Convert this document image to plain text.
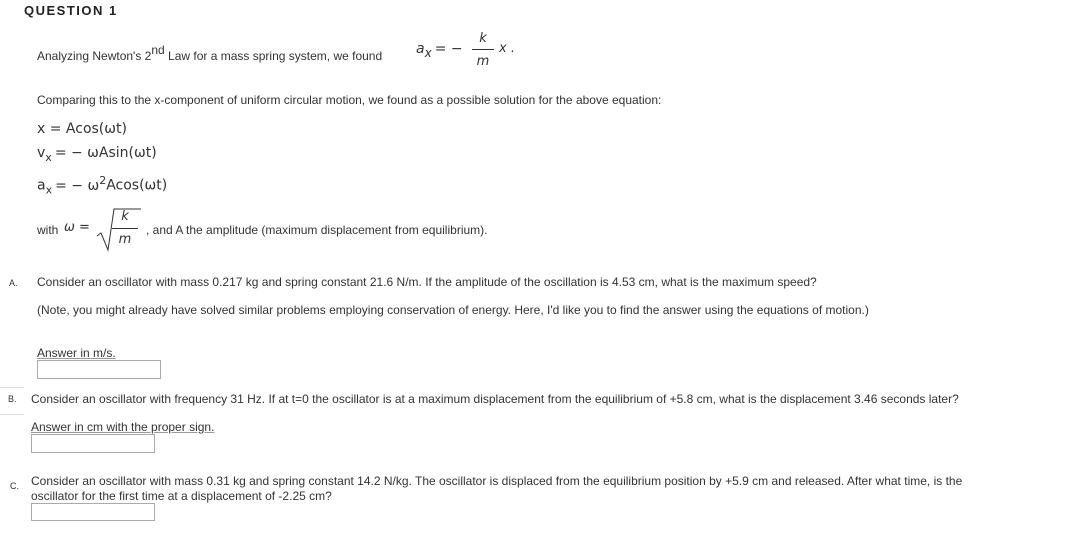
QUESTION 1
Analyzing Newton's 2nd Law for a mass spring system, we found $a_x$ = −
k
m
x .
Comparing this to the x-component of uniform circular motion, we found as a possible solution for the above equation:
x = Acos(ωt)
$v_x$ = − ωAsin(ωt)
$a_x$ = − $\omega^2Acos(\omega t)$
with ω =
k
m
, and A the amplitude (maximum displacement from equilibrium).
A. Consider an oscillator with mass 0.217 kg and spring constant 21.6 N/m. If the amplitude of the oscillation is 4.53 cm, what is the maximum speed?
(Note, you might already have solved similar problems employing conservation of energy. Here, I'd like you to find the answer using the equations of motion.)
Answer in m/s.
B. Consider an oscillator with frequency 31 Hz. If at t=0 the oscillator is at a maximum displacement from the equilibrium of +5.8 cm, what is the displacement 3.46 seconds later?
Answer in cm with the proper sign.
C. Consider an oscillator with mass 0.31 kg and spring constant 14.2 N/kg. The oscillator is displaced from the equilibrium position by +5.9 cm and released. After what time, is the
oscillator for the first time at a displacement of -2.25 cm?
